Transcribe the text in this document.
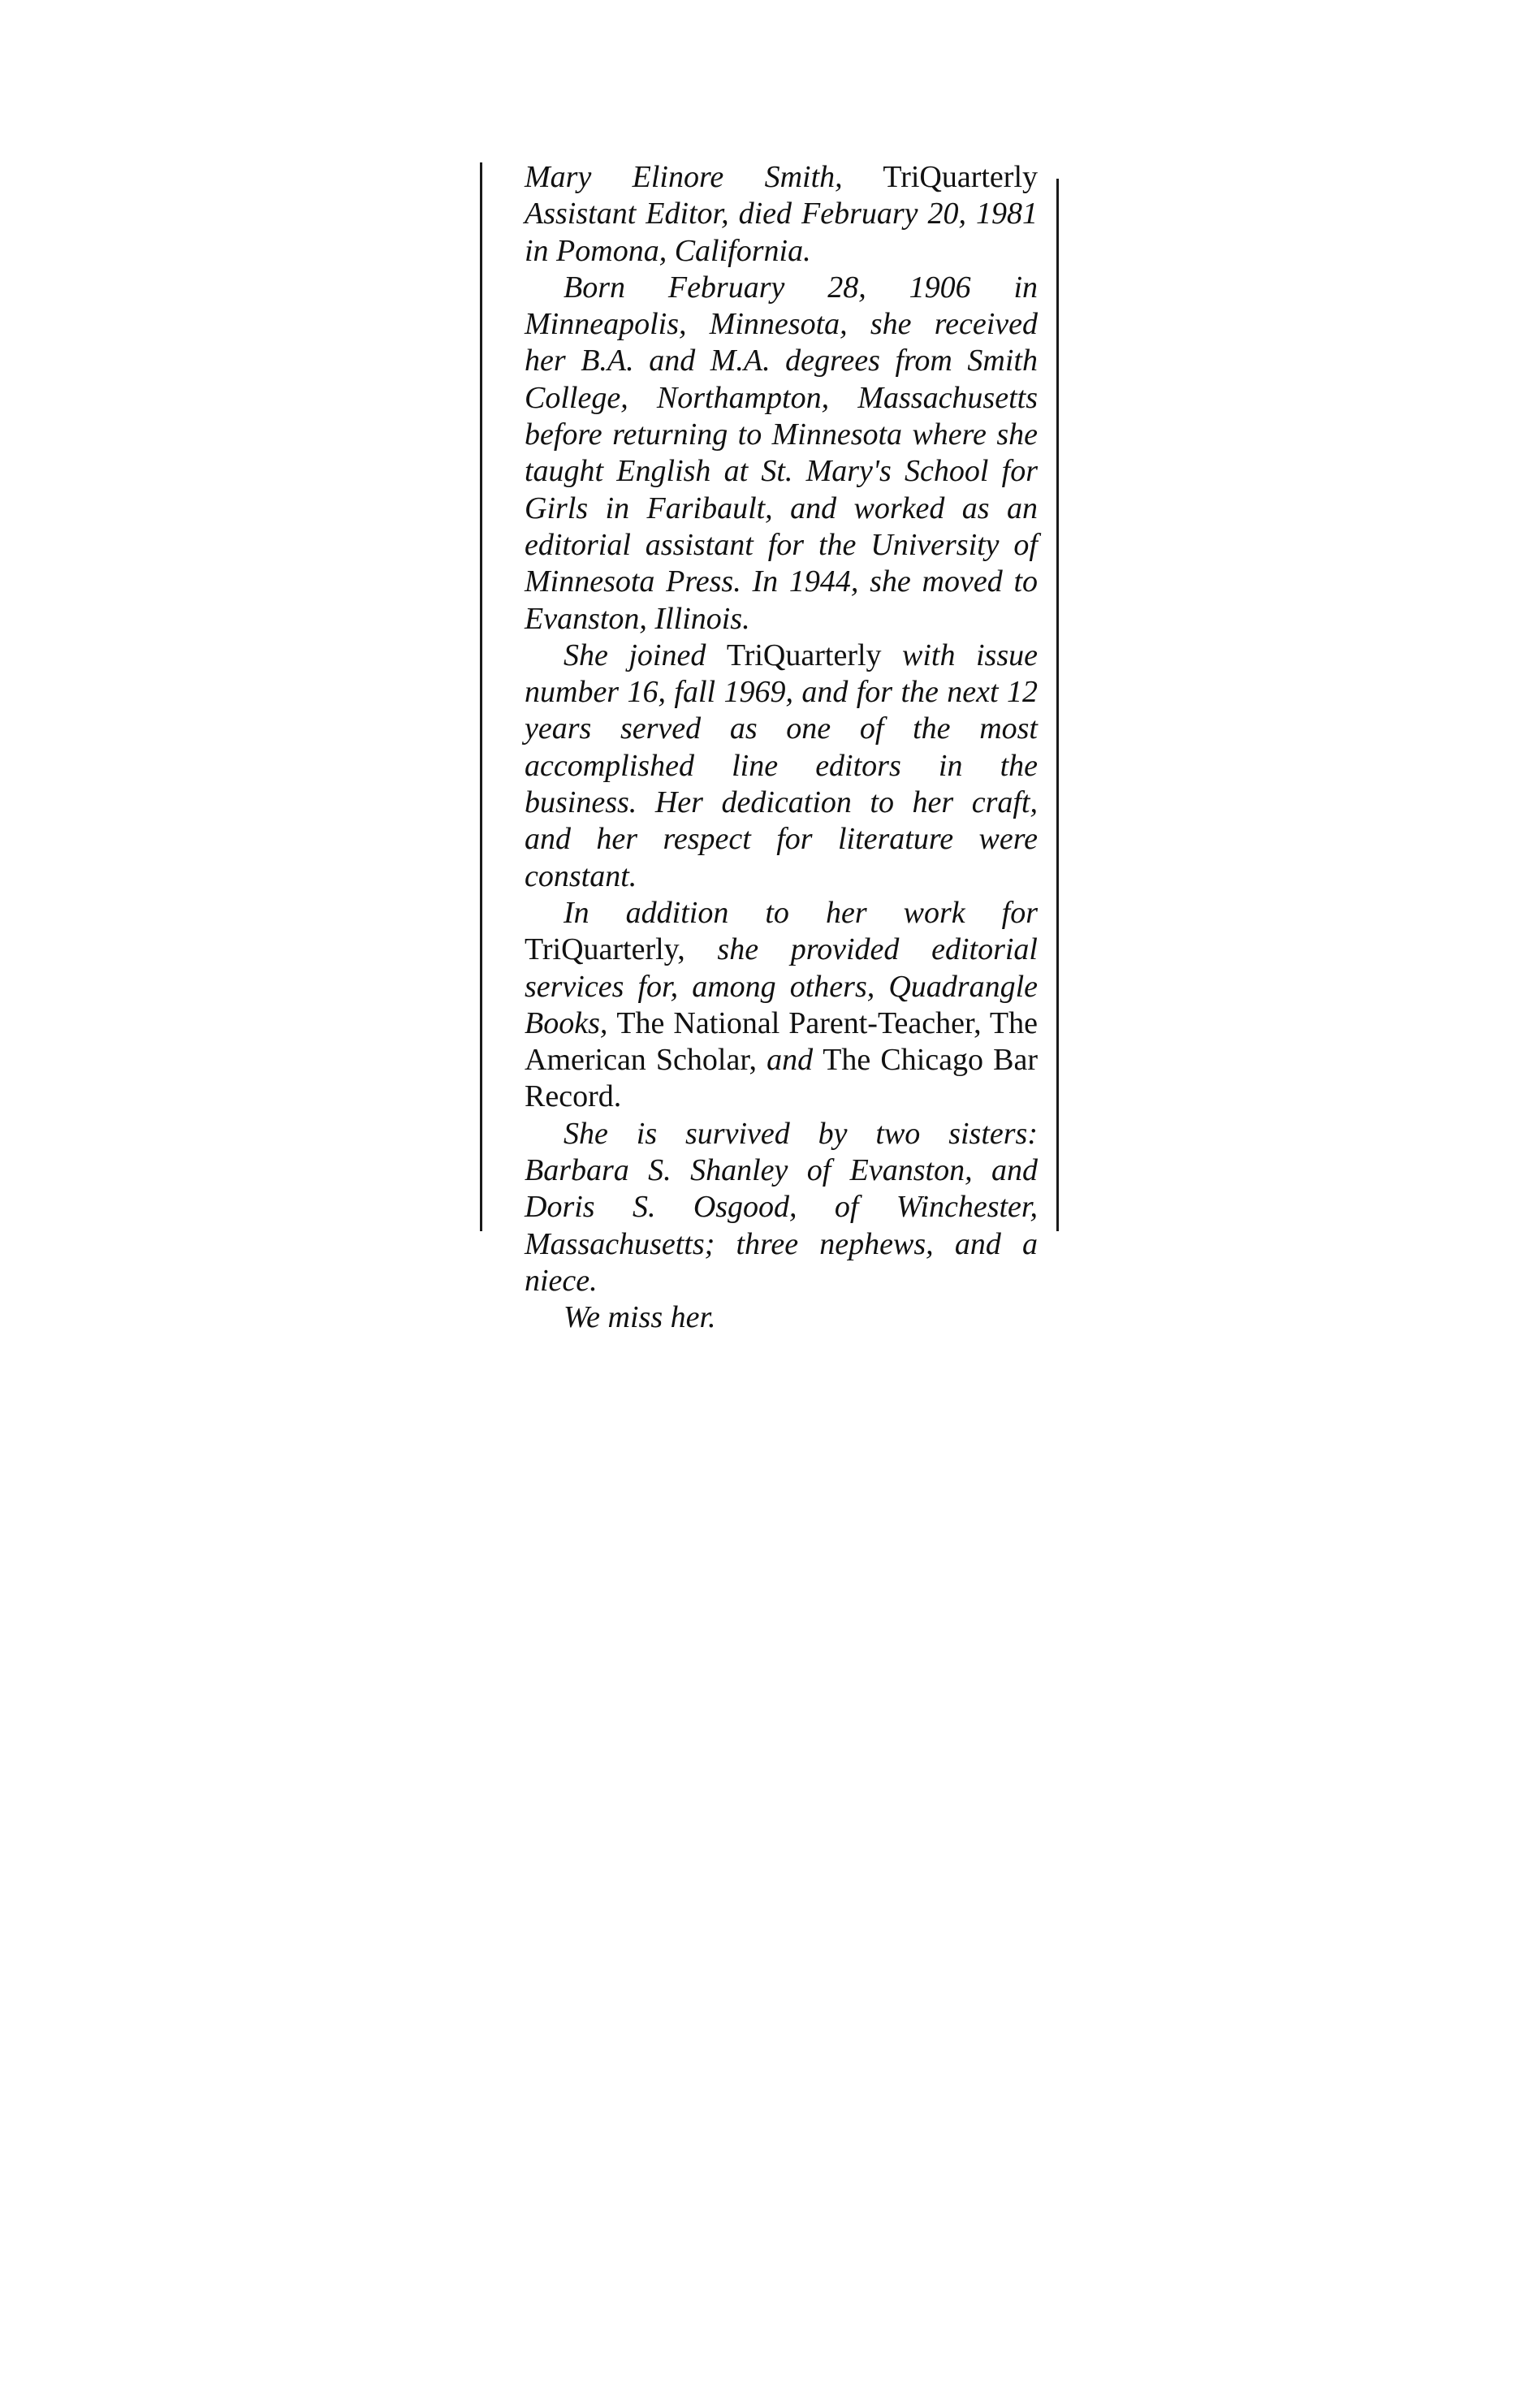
Mary Elinore Smith, TriQuarterly Assistant Editor, died February 20, 1981 in Pomona, California.

Born February 28, 1906 in Minneapolis, Minnesota, she received her B.A. and M.A. degrees from Smith College, Northampton, Massachusetts before returning to Minnesota where she taught English at St. Mary's School for Girls in Faribault, and worked as an editorial assistant for the University of Minnesota Press. In 1944, she moved to Evanston, Illinois.

She joined TriQuarterly with issue number 16, fall 1969, and for the next 12 years served as one of the most accomplished line editors in the business. Her dedication to her craft, and her respect for literature were constant.

In addition to her work for TriQuarterly, she provided editorial services for, among others, Quadrangle Books, The National Parent-Teacher, The American Scholar, and The Chicago Bar Record.

She is survived by two sisters: Barbara S. Shanley of Evanston, and Doris S. Osgood, of Winchester, Massachusetts; three nephews, and a niece.

We miss her.
